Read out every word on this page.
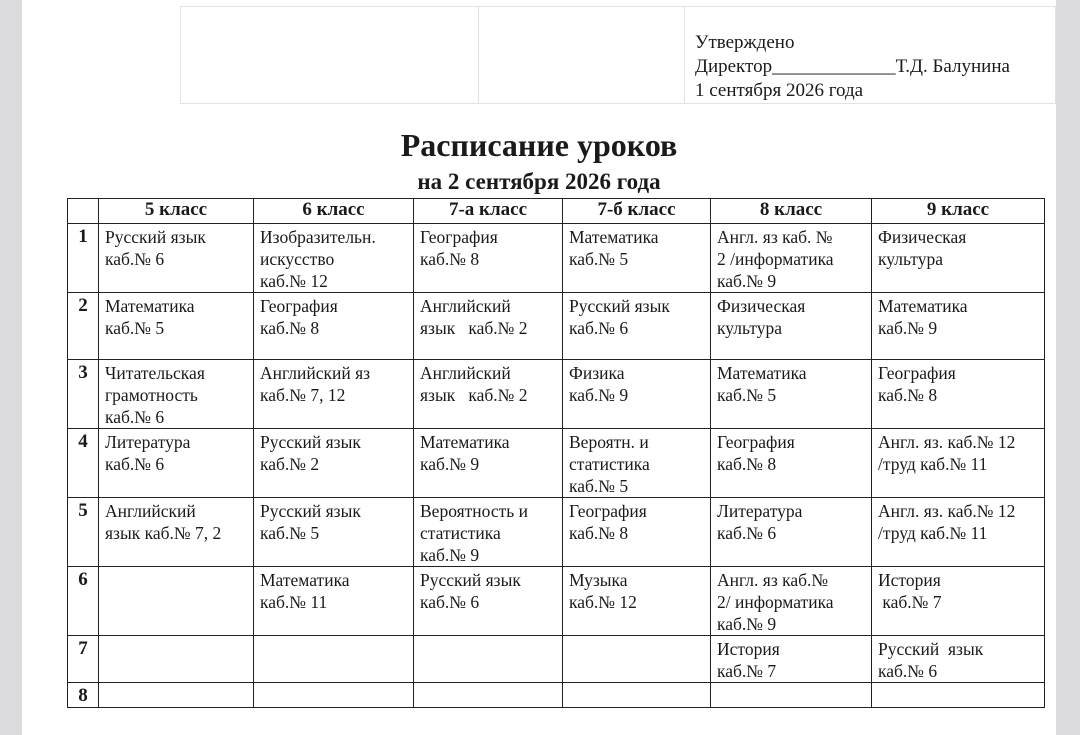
Утверждено
Директор_____________Т.Д. Балунина
1 сентября 2026 года
Расписание уроков
на 2 сентября 2026 года
	5 класс	6 класс	7-а класс	7-б класс	8 класс	9 класс
1	Русский язык
каб.№ 6	Изобразительн.
искусство
каб.№ 12	География
каб.№ 8	Математика
каб.№ 5	Англ. яз каб. №
2 /информатика
каб.№ 9	Физическая
культура

2	Математика
каб.№ 5	География
каб.№ 8	Английский
язык   каб.№ 2	Русский язык
каб.№ 6	Физическая
культура	Математика
каб.№ 9

3	Читательская
грамотность
каб.№ 6	Английский яз
каб.№ 7, 12	Английский
язык   каб.№ 2	Физика
каб.№ 9	Математика
каб.№ 5	География
каб.№ 8

4	Литература
каб.№ 6	Русский язык
каб.№ 2	Математика
каб.№ 9	Вероятн. и
статистика
каб.№ 5	География
каб.№ 8	Англ. яз. каб.№ 12
/труд каб.№ 11

5	Английский
язык каб.№ 7, 2	Русский язык
каб.№ 5	Вероятность и
статистика
каб.№ 9	География
каб.№ 8	Литература
каб.№ 6	Англ. яз. каб.№ 12
/труд каб.№ 11

6		Математика
каб.№ 11	Русский язык
каб.№ 6	Музыка
каб.№ 12	Англ. яз каб.№
2/ информатика
каб.№ 9	История
каб.№ 7

7					История
каб.№ 7	Русский  язык
каб.№ 6

8						
